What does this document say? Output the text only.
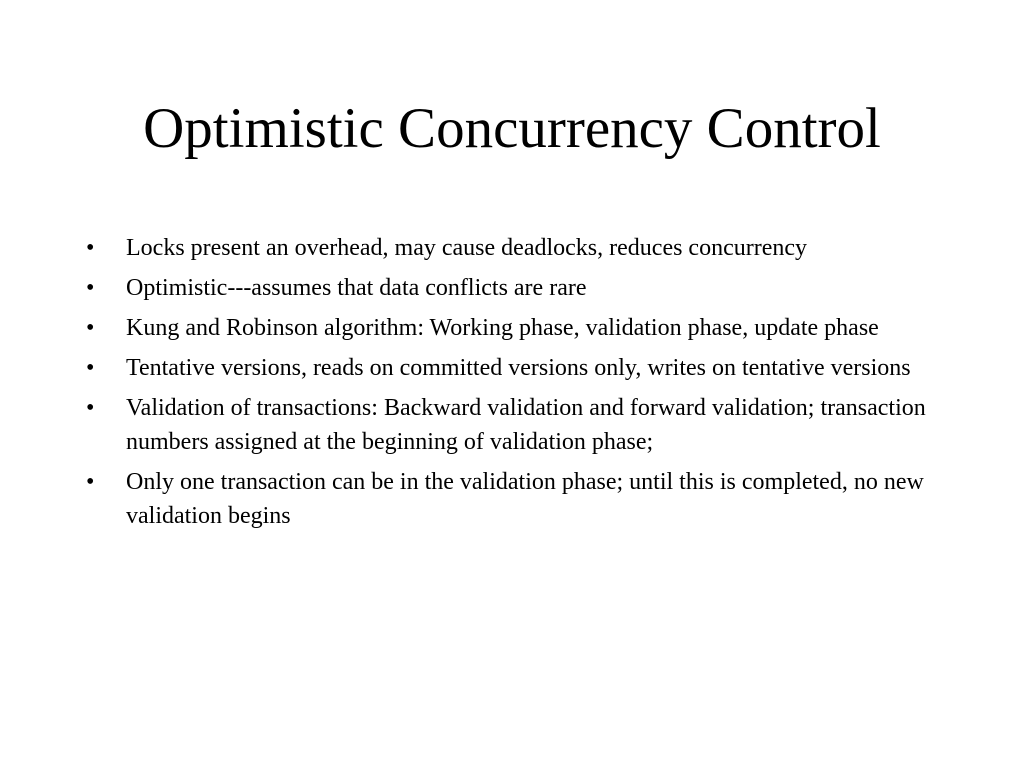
Optimistic Concurrency Control
•	Locks present an overhead, may cause deadlocks, reduces concurrency
•	Optimistic---assumes that data conflicts are rare
•	Kung and Robinson algorithm: Working phase, validation phase, update phase
•	Tentative versions, reads on committed versions only, writes on tentative versions
•	Validation of transactions: Backward validation and forward validation; transaction numbers assigned at the beginning of validation phase;
•	Only one transaction can be in the validation phase; until this is completed, no new validation begins
